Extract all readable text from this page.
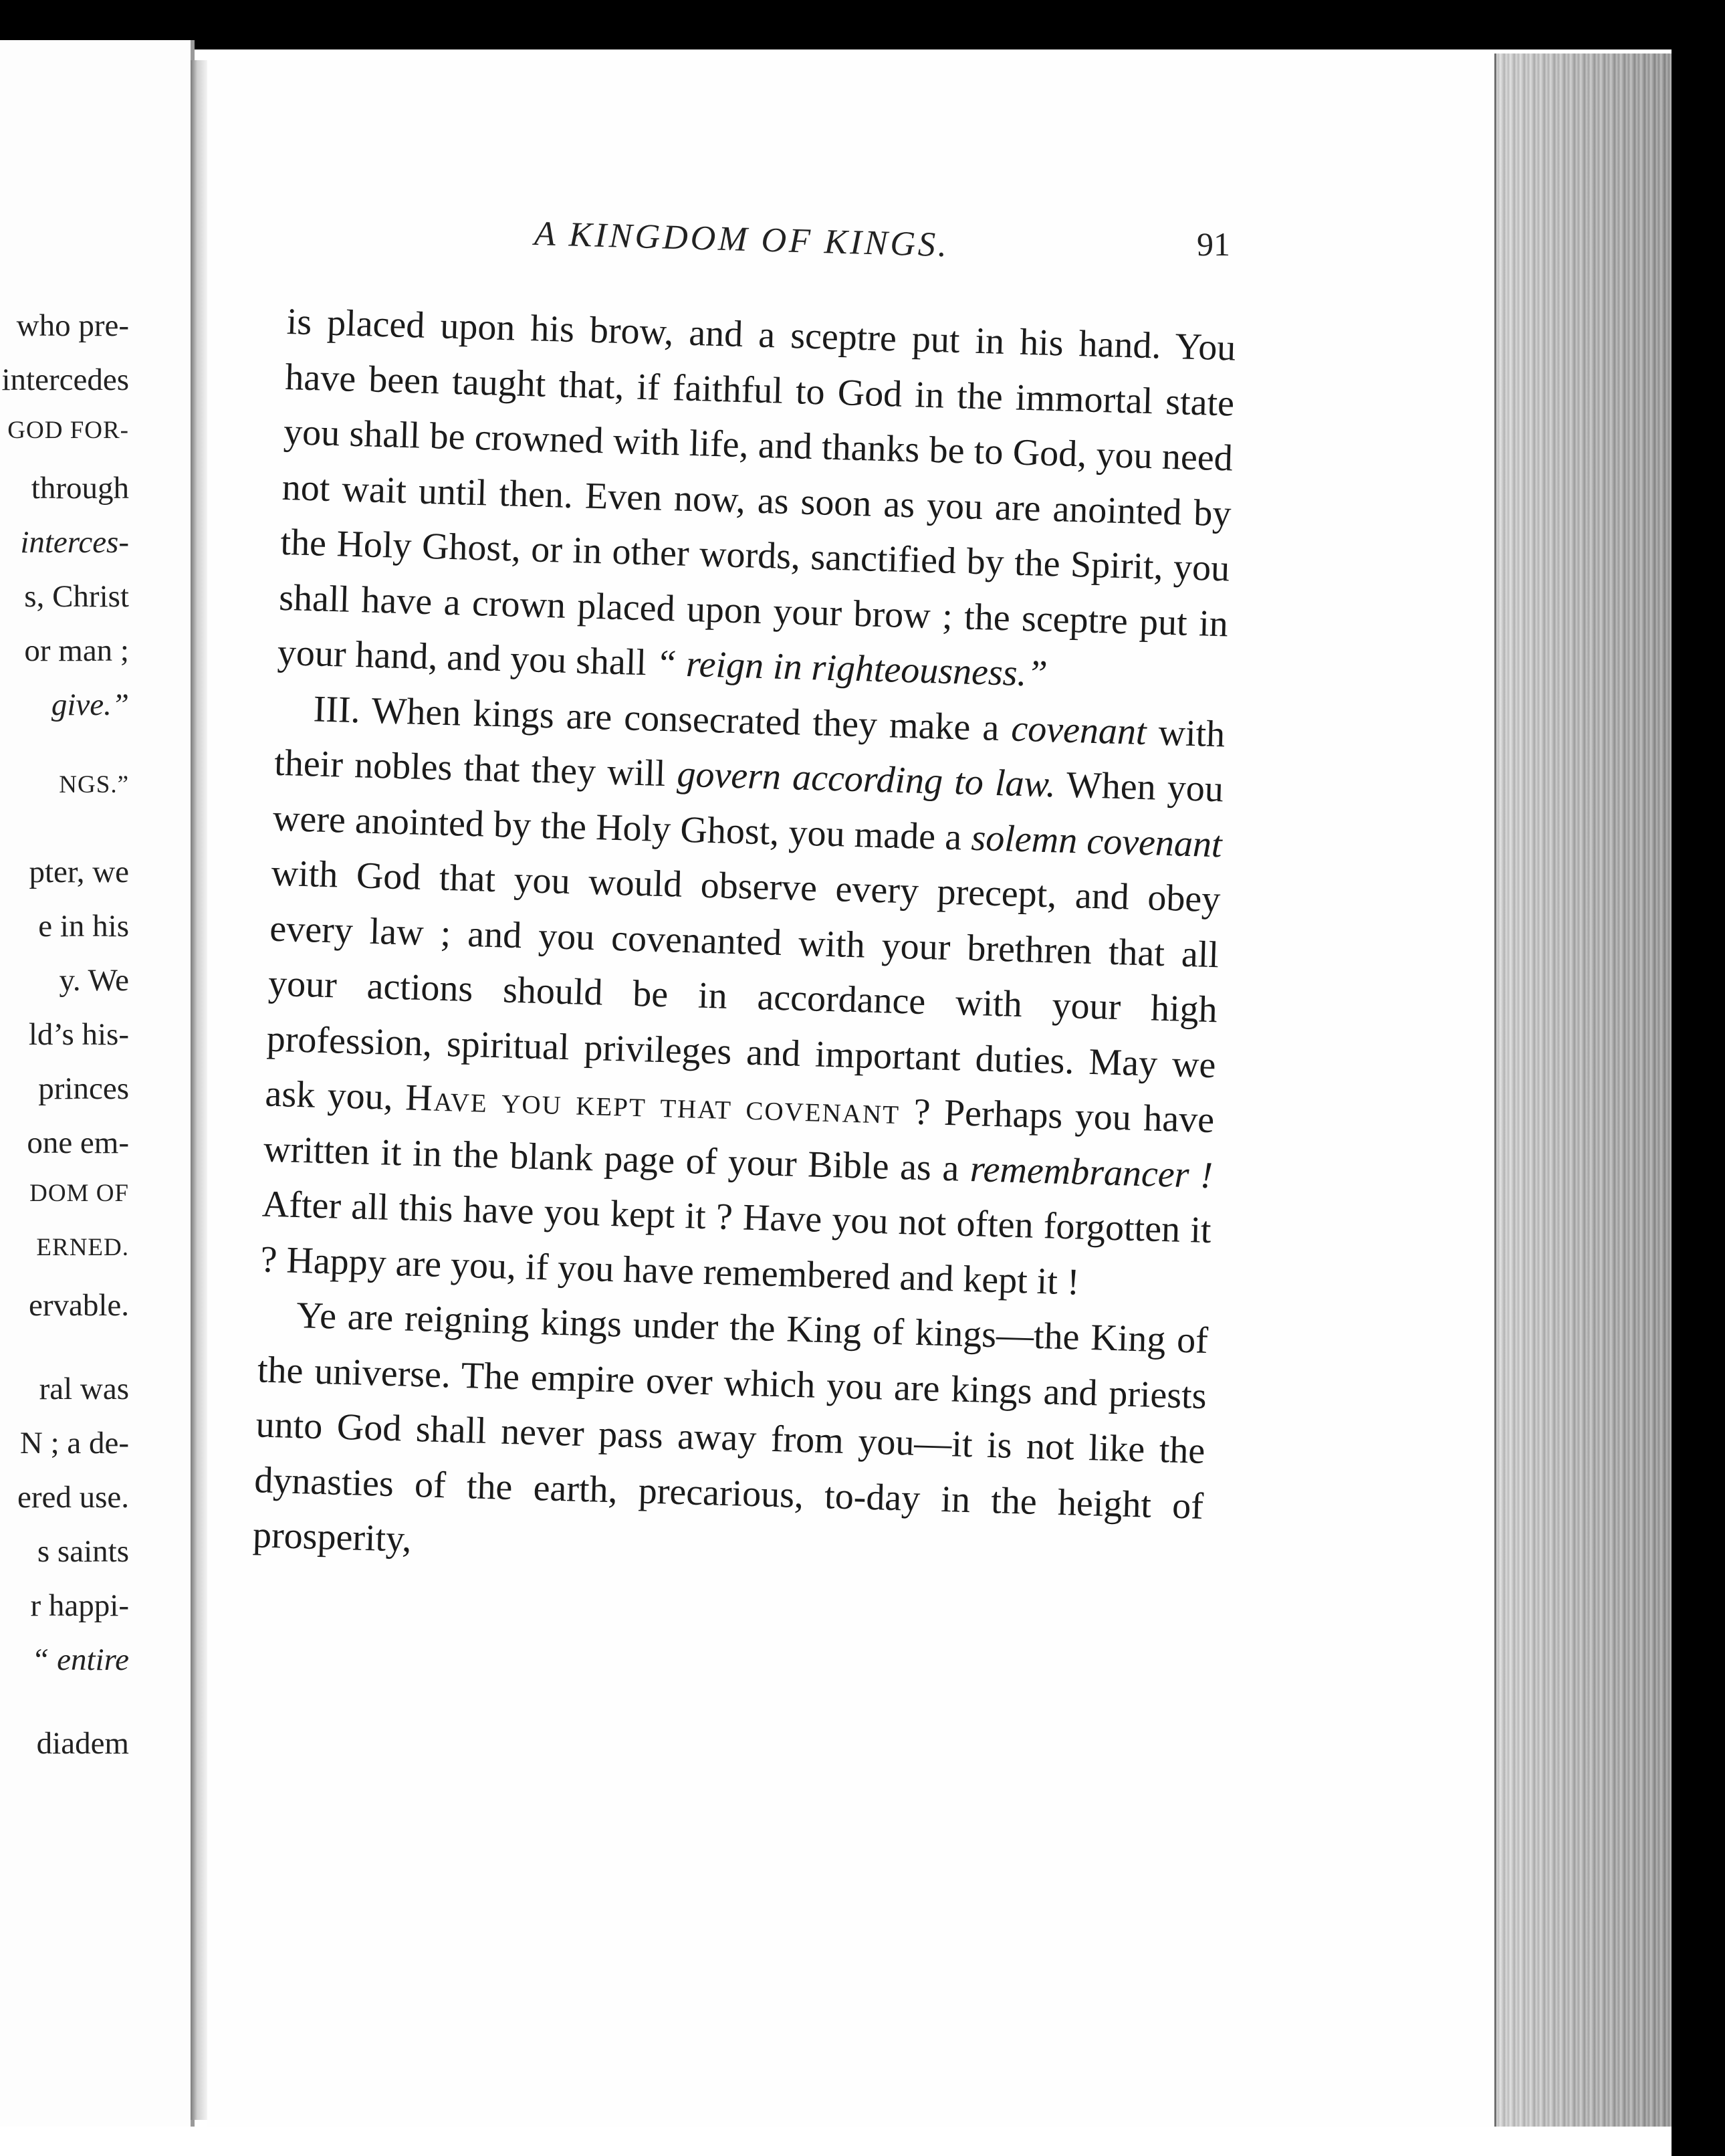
who pre-
intercedes
GOD FOR-
through
interces-
s, Christ
or man ;
give.”
NGS.”
pter, we
e in his
y. We
ld’s his-
princes
one em-
DOM OF
ERNED.
ervable.
ral was
N ; a de-
ered use.
s saints
r happi-
“ entire
diadem
A KINGDOM OF KINGS.	91

is placed upon his brow, and a sceptre put in his hand. You have been taught that, if faithful to God in the immortal state you shall be crowned with life, and thanks be to God, you need not wait until then. Even now, as soon as you are anointed by the Holy Ghost, or in other words, sanctified by the Spirit, you shall have a crown placed upon your brow ; the sceptre put in your hand, and you shall “ reign in righteousness.”

III. When kings are consecrated they make a covenant with their nobles that they will govern according to law. When you were anointed by the Holy Ghost, you made a solemn covenant with God that you would observe every precept, and obey every law ; and you covenanted with your brethren that all your actions should be in accordance with your high profession, spiritual privileges and important duties. May we ask you, Have you kept that covenant ? Perhaps you have written it in the blank page of your Bible as a remembrancer ! After all this have you kept it ? Have you not often forgotten it ? Happy are you, if you have remembered and kept it !

Ye are reigning kings under the King of kings—the King of the universe. The empire over which you are kings and priests unto God shall never pass away from you—it is not like the dynasties of the earth, precarious, to-day in the height of prosperity,
